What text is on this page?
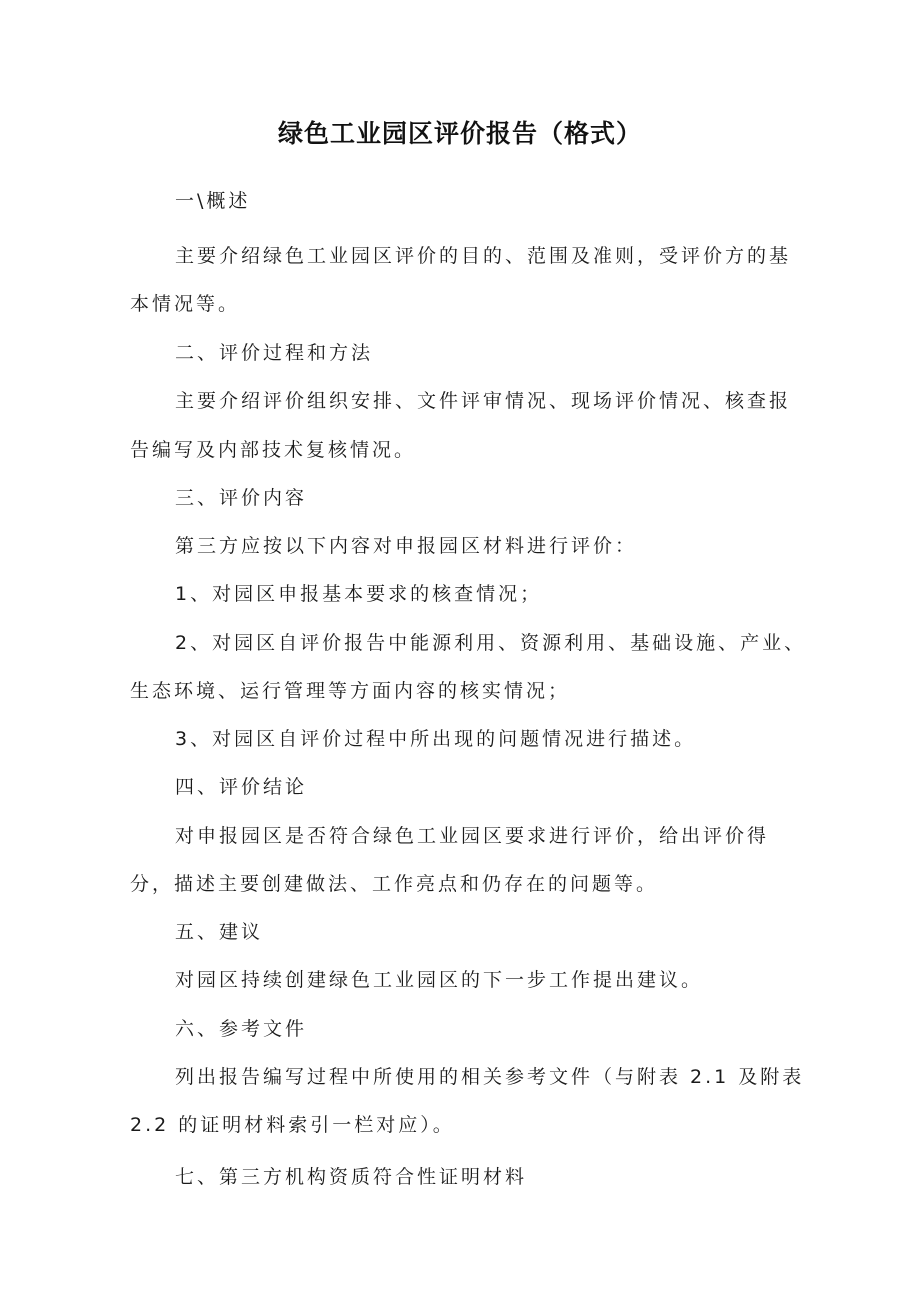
绿色工业园区评价报告（格式）
一\概述
主要介绍绿色工业园区评价的目的、范围及准则，受评价方的基
本情况等。
二、评价过程和方法
主要介绍评价组织安排、文件评审情况、现场评价情况、核查报
告编写及内部技术复核情况。
三、评价内容
第三方应按以下内容对申报园区材料进行评价：
1、对园区申报基本要求的核查情况；
2、对园区自评价报告中能源利用、资源利用、基础设施、产业、
生态环境、运行管理等方面内容的核实情况；
3、对园区自评价过程中所出现的问题情况进行描述。
四、评价结论
对申报园区是否符合绿色工业园区要求进行评价，给出评价得
分，描述主要创建做法、工作亮点和仍存在的问题等。
五、建议
对园区持续创建绿色工业园区的下一步工作提出建议。
六、参考文件
列出报告编写过程中所使用的相关参考文件（与附表 2.1 及附表
2.2 的证明材料索引一栏对应）。
七、第三方机构资质符合性证明材料
